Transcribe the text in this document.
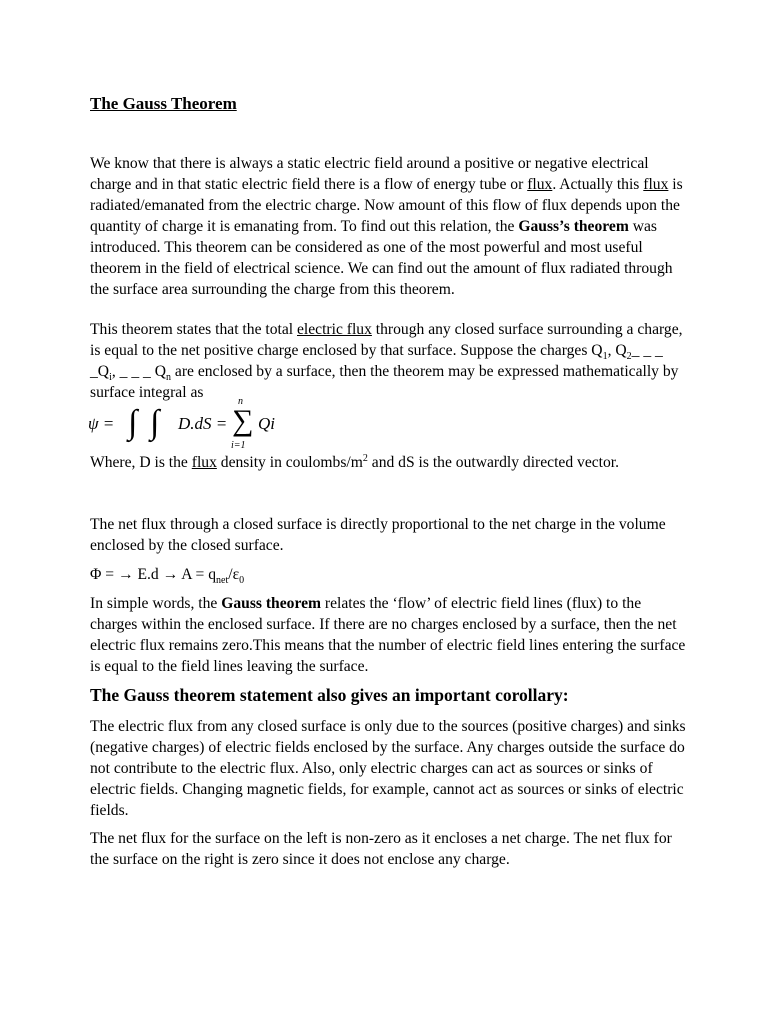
The Gauss Theorem

We know that there is always a static electric field around a positive or negative electrical charge and in that static electric field there is a flow of energy tube or flux. Actually this flux is radiated/emanated from the electric charge. Now amount of this flow of flux depends upon the quantity of charge it is emanating from. To find out this relation, the Gauss’s theorem was introduced. This theorem can be considered as one of the most powerful and most useful theorem in the field of electrical science. We can find out the amount of flux radiated through the surface area surrounding the charge from this theorem.

This theorem states that the total electric flux through any closed surface surrounding a charge, is equal to the net positive charge enclosed by that surface. Suppose the charges $Q_1$, $Q_2\_$ _ _ $\_Q_i$, _ _ _ $Q_n$ are enclosed by a surface, then the theorem may be expressed mathematically by surface integral as

ψ = ∫ ∫ D.dS =
n
∑
i=1
Qi

Where, D is the flux density in coulombs/$m^2$ and dS is the outwardly directed vector.

The net flux through a closed surface is directly proportional to the net charge in the volume enclosed by the closed surface.

Φ = → $E.d \to A = q_{net}/\varepsilon_0$

In simple words, the Gauss theorem relates the ‘flow’ of electric field lines (flux) to the charges within the enclosed surface. If there are no charges enclosed by a surface, then the net electric flux remains zero.This means that the number of electric field lines entering the surface is equal to the field lines leaving the surface.

The Gauss theorem statement also gives an important corollary:

The electric flux from any closed surface is only due to the sources (positive charges) and sinks (negative charges) of electric fields enclosed by the surface. Any charges outside the surface do not contribute to the electric flux. Also, only electric charges can act as sources or sinks of electric fields. Changing magnetic fields, for example, cannot act as sources or sinks of electric fields.

The net flux for the surface on the left is non-zero as it encloses a net charge. The net flux for the surface on the right is zero since it does not enclose any charge.
